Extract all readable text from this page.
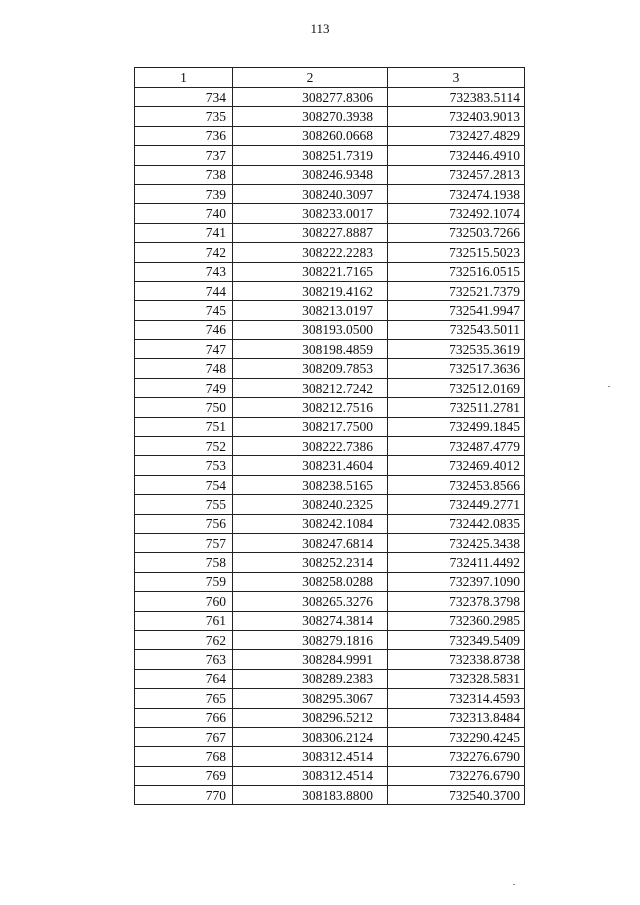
113
1	2	3
734	308277.8306	732383.5114
735	308270.3938	732403.9013
736	308260.0668	732427.4829
737	308251.7319	732446.4910
738	308246.9348	732457.2813
739	308240.3097	732474.1938
740	308233.0017	732492.1074
741	308227.8887	732503.7266
742	308222.2283	732515.5023
743	308221.7165	732516.0515
744	308219.4162	732521.7379
745	308213.0197	732541.9947
746	308193.0500	732543.5011
747	308198.4859	732535.3619
748	308209.7853	732517.3636
749	308212.7242	732512.0169
750	308212.7516	732511.2781
751	308217.7500	732499.1845
752	308222.7386	732487.4779
753	308231.4604	732469.4012
754	308238.5165	732453.8566
755	308240.2325	732449.2771
756	308242.1084	732442.0835
757	308247.6814	732425.3438
758	308252.2314	732411.4492
759	308258.0288	732397.1090
760	308265.3276	732378.3798
761	308274.3814	732360.2985
762	308279.1816	732349.5409
763	308284.9991	732338.8738
764	308289.2383	732328.5831
765	308295.3067	732314.4593
766	308296.5212	732313.8484
767	308306.2124	732290.4245
768	308312.4514	732276.6790
769	308312.4514	732276.6790
770	308183.8800	732540.3700
